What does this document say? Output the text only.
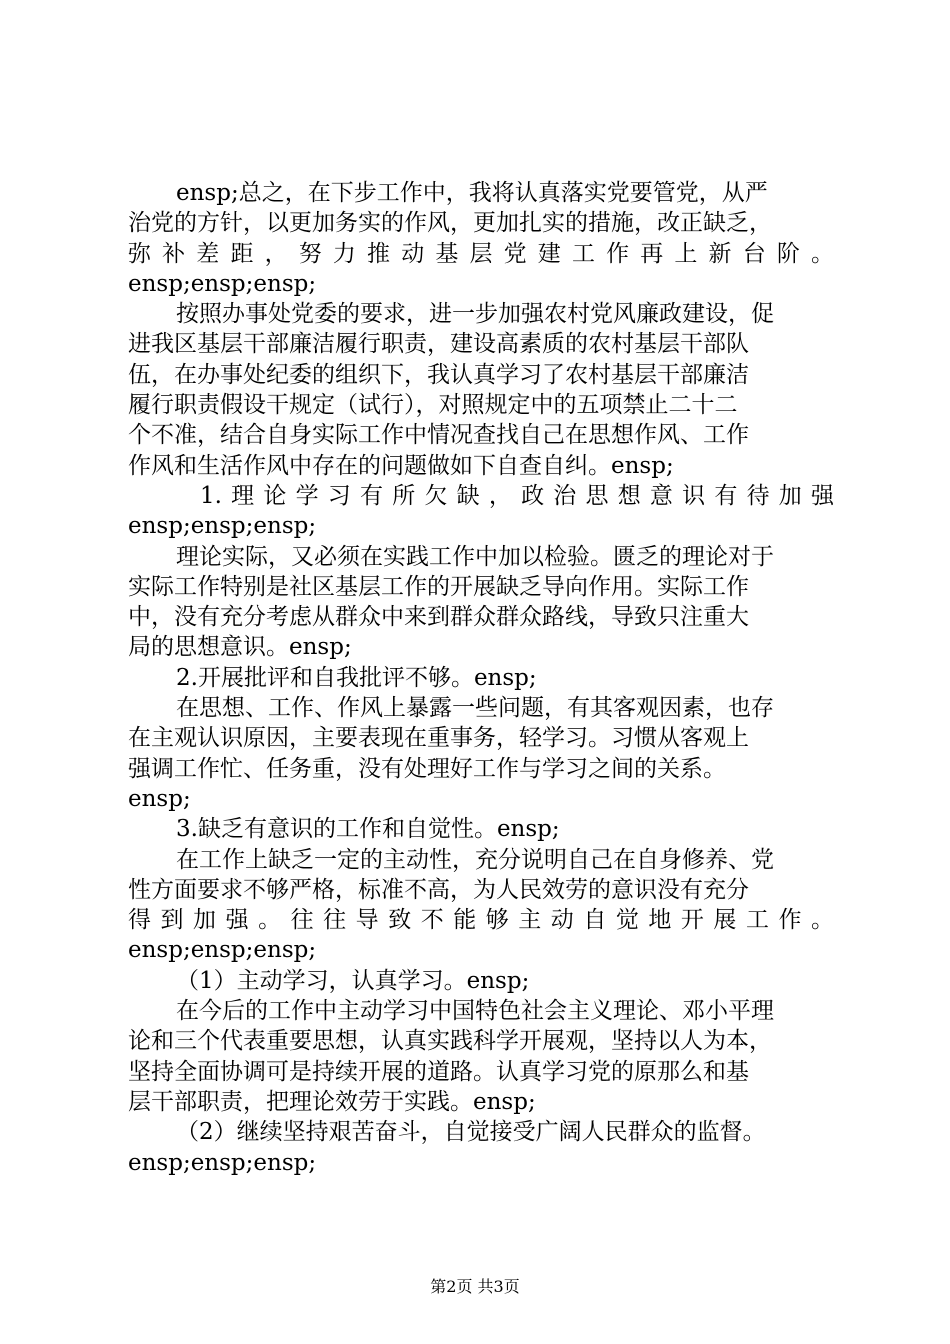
ensp;总之，在下步工作中，我将认真落实党要管党，从严
治党的方针，以更加务实的作风，更加扎实的措施，改正缺乏，
弥补差距，努力推动基层党建工作再上新台阶。
ensp;ensp;ensp;
按照办事处党委的要求，进一步加强农村党风廉政建设，促
进我区基层干部廉洁履行职责，建设高素质的农村基层干部队
伍，在办事处纪委的组织下，我认真学习了农村基层干部廉洁
履行职责假设干规定（试行），对照规定中的五项禁止二十二
个不准，结合自身实际工作中情况查找自己在思想作风、工作
作风和生活作风中存在的问题做如下自查自纠。ensp;
1.理论学习有所欠缺，政治思想意识有待加强
ensp;ensp;ensp;
理论实际，又必须在实践工作中加以检验。匮乏的理论对于
实际工作特别是社区基层工作的开展缺乏导向作用。实际工作
中，没有充分考虑从群众中来到群众群众路线，导致只注重大
局的思想意识。ensp;
2.开展批评和自我批评不够。ensp;
在思想、工作、作风上暴露一些问题，有其客观因素，也存
在主观认识原因，主要表现在重事务，轻学习。习惯从客观上
强调工作忙、任务重，没有处理好工作与学习之间的关系。
ensp;
3.缺乏有意识的工作和自觉性。ensp;
在工作上缺乏一定的主动性，充分说明自己在自身修养、党
性方面要求不够严格，标准不高，为人民效劳的意识没有充分
得到加强。往往导致不能够主动自觉地开展工作。
ensp;ensp;ensp;
（1）主动学习，认真学习。ensp;
在今后的工作中主动学习中国特色社会主义理论、邓小平理
论和三个代表重要思想，认真实践科学开展观，坚持以人为本，
坚持全面协调可是持续开展的道路。认真学习党的原那么和基
层干部职责，把理论效劳于实践。ensp;
（2）继续坚持艰苦奋斗，自觉接受广阔人民群众的监督。
ensp;ensp;ensp;
第2页 共3页
